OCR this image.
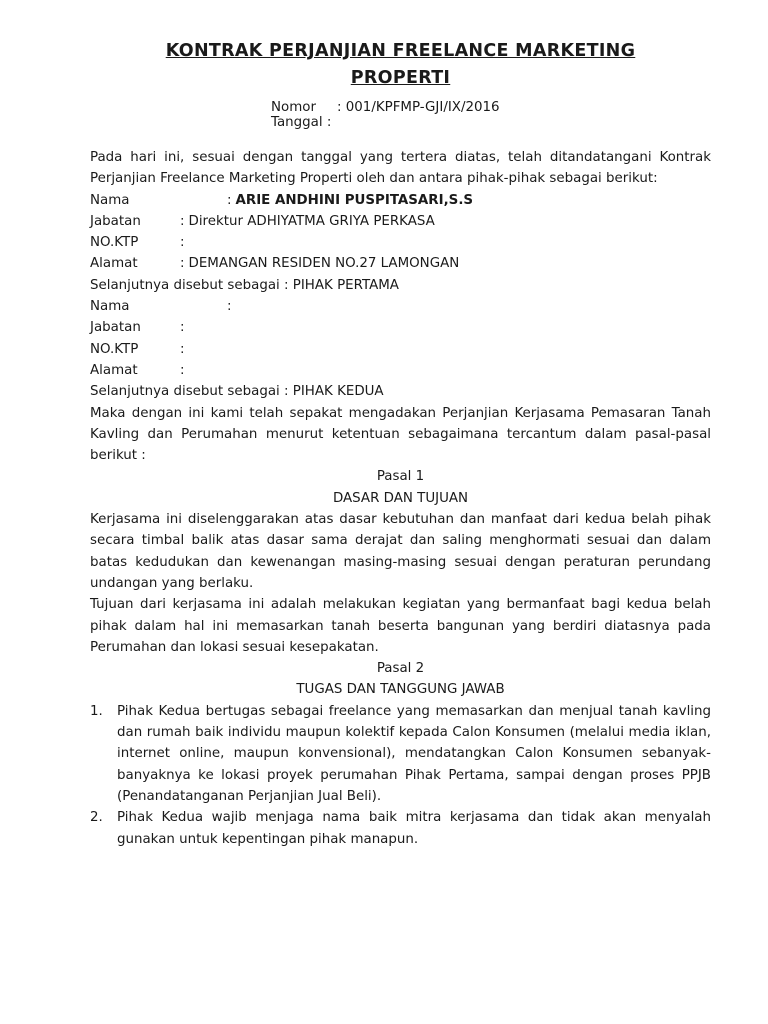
KONTRAK PERJANJIAN FREELANCE MARKETING
PROPERTI
Nomor	: 001/KPFMP-GJI/IX/2016
Tanggal :

Pada hari ini, sesuai dengan tanggal yang tertera diatas, telah ditandatangani Kontrak Perjanjian Freelance Marketing Properti oleh dan antara pihak-pihak sebagai berikut:

Nama	: ARIE ANDHINI PUSPITASARI,S.S
Jabatan	: Direktur ADHIYATMA GRIYA PERKASA
NO.KTP	:
Alamat	: DEMANGAN RESIDEN NO.27 LAMONGAN

Selanjutnya disebut sebagai : PIHAK PERTAMA

Nama	:
Jabatan	:
NO.KTP	:
Alamat	:

Selanjutnya disebut sebagai : PIHAK KEDUA

Maka dengan ini kami telah sepakat mengadakan Perjanjian Kerjasama Pemasaran Tanah Kavling dan Perumahan menurut ketentuan sebagaimana tercantum dalam pasal-pasal berikut :

Pasal 1

DASAR DAN TUJUAN

Kerjasama ini diselenggarakan atas dasar kebutuhan dan manfaat dari kedua belah pihak secara timbal balik atas dasar sama derajat dan saling menghormati sesuai dan dalam batas kedudukan dan kewenangan masing-masing sesuai dengan peraturan perundang undangan yang berlaku.

Tujuan dari kerjasama ini adalah melakukan kegiatan yang bermanfaat bagi kedua belah pihak dalam hal ini memasarkan tanah beserta bangunan yang berdiri diatasnya pada Perumahan dan lokasi sesuai kesepakatan.

Pasal 2

TUGAS DAN TANGGUNG JAWAB

1.	Pihak Kedua bertugas sebagai freelance yang memasarkan dan menjual tanah kavling dan rumah baik individu maupun kolektif kepada Calon Konsumen (melalui media iklan, internet online, maupun konvensional), mendatangkan Calon Konsumen sebanyak-banyaknya ke lokasi proyek perumahan Pihak Pertama, sampai dengan proses PPJB (Penandatanganan Perjanjian Jual Beli).
2.	Pihak Kedua wajib menjaga nama baik mitra kerjasama dan tidak akan menyalah gunakan untuk kepentingan pihak manapun.
